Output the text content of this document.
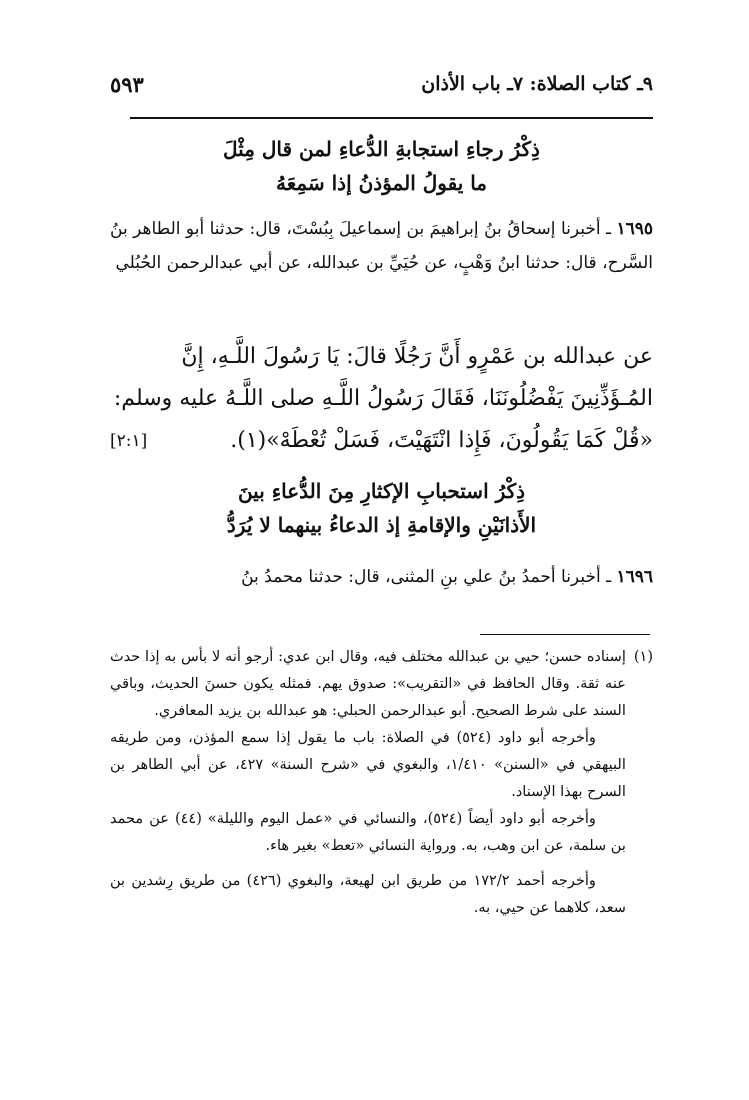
٩ـ كتاب الصلاة: ٧ـ باب الأذان
٥٩٣
ذِكْرُ رجاءِ استجابةِ الدُّعاءِ لمن قال مِثْلَ
ما يقولُ المؤذنُ إذا سَمِعَهُ
١٦٩٥ ـ أخبرنا إسحاقُ بنُ إبراهيمَ بن إسماعيلَ بِبُسْتَ، قال: حدثنا أبو الطاهر بنُ السَّرح، قال: حدثنا ابنُ وَهْبٍ، عن حُيَيِّ بن عبدالله، عن أبي عبدالرحمن الحُبُلي
عن عبدالله بن عَمْرٍو أَنَّ رَجُلًا قالَ: يَا رَسُولَ اللَّـهِ، إِنَّ
المُـؤَذِّنِينَ يَفْضُلُونَنَا، فَقَالَ رَسُولُ اللَّـهِ صلى اللَّـهُ عليه وسلم:
«قُلْ كَمَا يَقُولُونَ، فَإِذا انْتَهَيْتَ، فَسَلْ تُعْطَهْ»(١).
[٢:١]
ذِكْرُ استحبابِ الإكثارِ مِنَ الدُّعاءِ بينَ
الأَذانَيْنِ والإقامةِ إذ الدعاءُ بينهما لا يُرَدُّ
١٦٩٦ ـ أخبرنا أحمدُ بنُ علي بنِ المثنى، قال: حدثنا محمدُ بنُ
(١)

إسناده حسن؛ حيي بن عبدالله مختلف فيه، وقال ابن عدي: أرجو أنه لا بأس به إذا حدث عنه ثقة. وقال الحافظ في «التقريب»: صدوق يهم. فمثله يكون حسنَ الحديث، وباقي السند على شرط الصحيح. أبو عبدالرحمن الحبلي: هو عبدالله بن يزيد المعافري.

وأخرجه أبو داود (٥٢٤) في الصلاة: باب ما يقول إذا سمع المؤذن، ومن طريقه البيهقي في «السنن» ١/٤١٠، والبغوي في «شرح السنة» ٤٢٧، عن أبي الطاهر بن السرح بهذا الإسناد.

وأخرجه أبو داود أيضاً (٥٢٤)، والنسائي في «عمل اليوم والليلة» (٤٤) عن محمد بن سلمة، عن ابن وهب، به. ورواية النسائي «تعط» بغير هاء.

وأخرجه أحمد ١٧٢/٢ من طريق ابن لهيعة، والبغوي (٤٢٦) من طريق رِشدين بن سعد، كلاهما عن حيي، به.
